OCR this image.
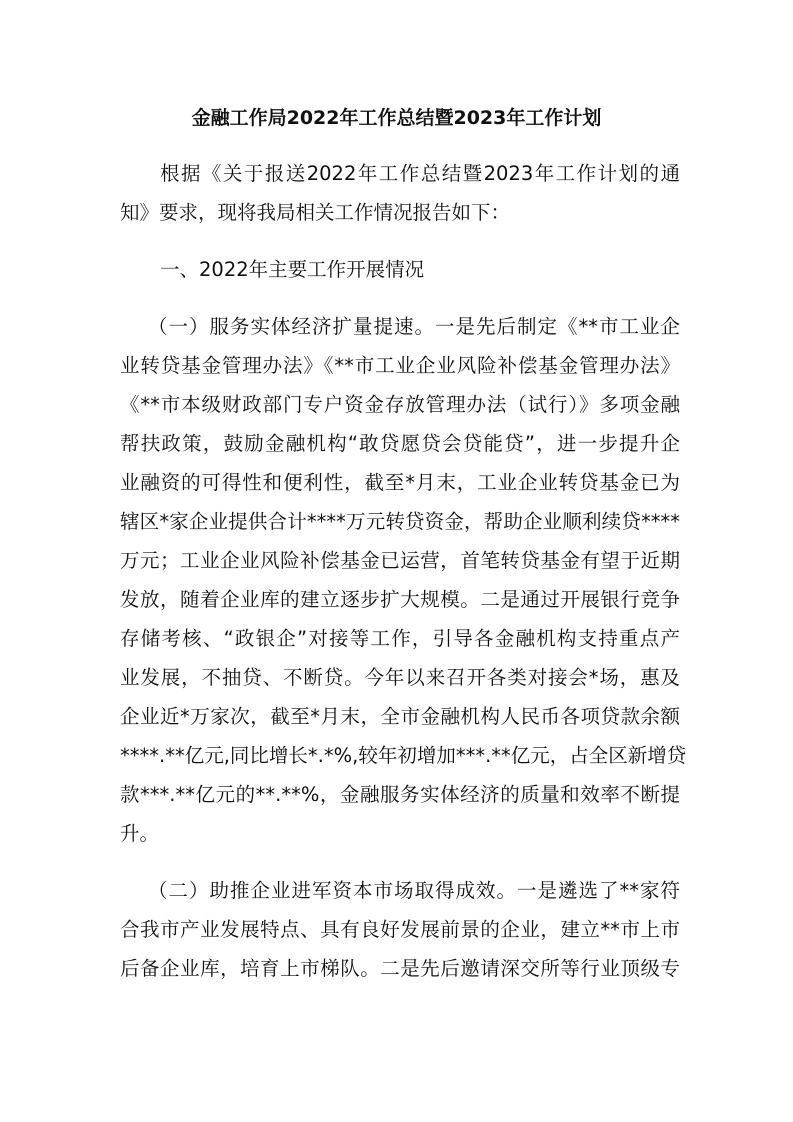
金融工作局2022年工作总结暨2023年工作计划
根据《关于报送2022年工作总结暨2023年工作计划的通
知》要求，现将我局相关工作情况报告如下：
一、2022年主要工作开展情况
（一）服务实体经济扩量提速。一是先后制定《**市工业企
业转贷基金管理办法》《**市工业企业风险补偿基金管理办法》
《**市本级财政部门专户资金存放管理办法（试行）》多项金融
帮扶政策，鼓励金融机构“敢贷愿贷会贷能贷”，进一步提升企
业融资的可得性和便利性，截至*月末，工业企业转贷基金已为
辖区*家企业提供合计****万元转贷资金，帮助企业顺利续贷****
万元；工业企业风险补偿基金已运营，首笔转贷基金有望于近期
发放，随着企业库的建立逐步扩大规模。二是通过开展银行竞争
存储考核、“政银企”对接等工作，引导各金融机构支持重点产
业发展，不抽贷、不断贷。今年以来召开各类对接会*场，惠及
企业近*万家次，截至*月末，全市金融机构人民币各项贷款余额
****.**亿元,同比增长*.*%,较年初增加***.**亿元，占全区新增贷
款***.**亿元的**.**%，金融服务实体经济的质量和效率不断提
升。
（二）助推企业进军资本市场取得成效。一是遴选了**家符
合我市产业发展特点、具有良好发展前景的企业，建立**市上市
后备企业库，培育上市梯队。二是先后邀请深交所等行业顶级专
